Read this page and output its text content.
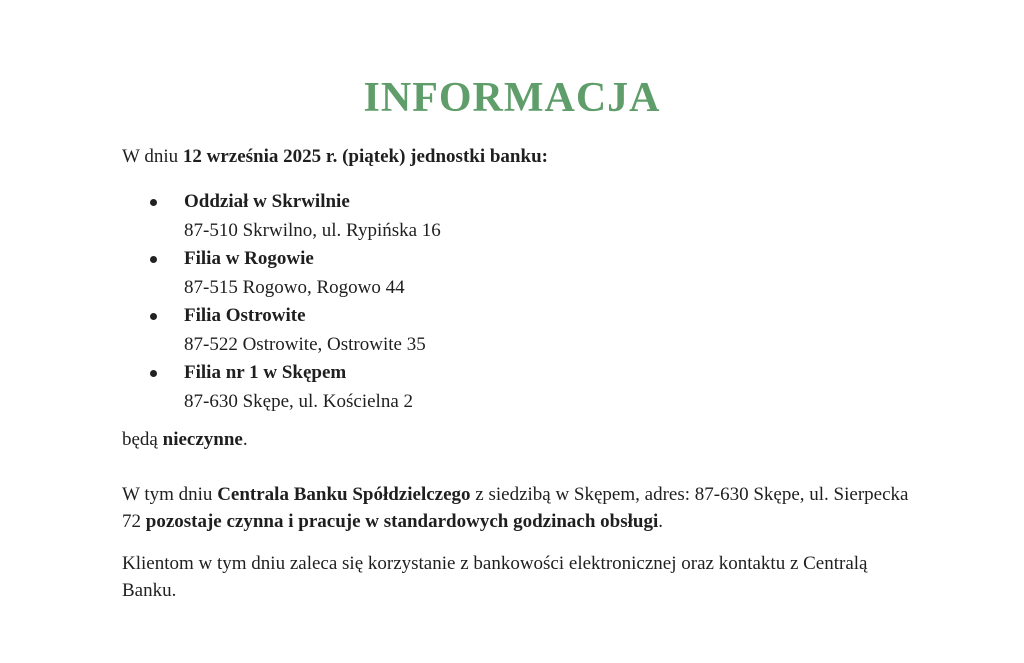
INFORMACJA
W dniu 12 września 2025 r. (piątek) jednostki banku:
Oddział w Skrwilnie
87-510 Skrwilno, ul. Rypińska 16
Filia w Rogowie
87-515 Rogowo, Rogowo 44
Filia Ostrowite
87-522 Ostrowite, Ostrowite 35
Filia nr 1 w Skępem
87-630 Skępe, ul. Kościelna 2
będą nieczynne.
W tym dniu Centrala Banku Spółdzielczego z siedzibą w Skępem, adres: 87-630 Skępe, ul. Sierpecka 72 pozostaje czynna i pracuje w standardowych godzinach obsługi.
Klientom w tym dniu zaleca się korzystanie z bankowości elektronicznej oraz kontaktu z Centralą Banku.
